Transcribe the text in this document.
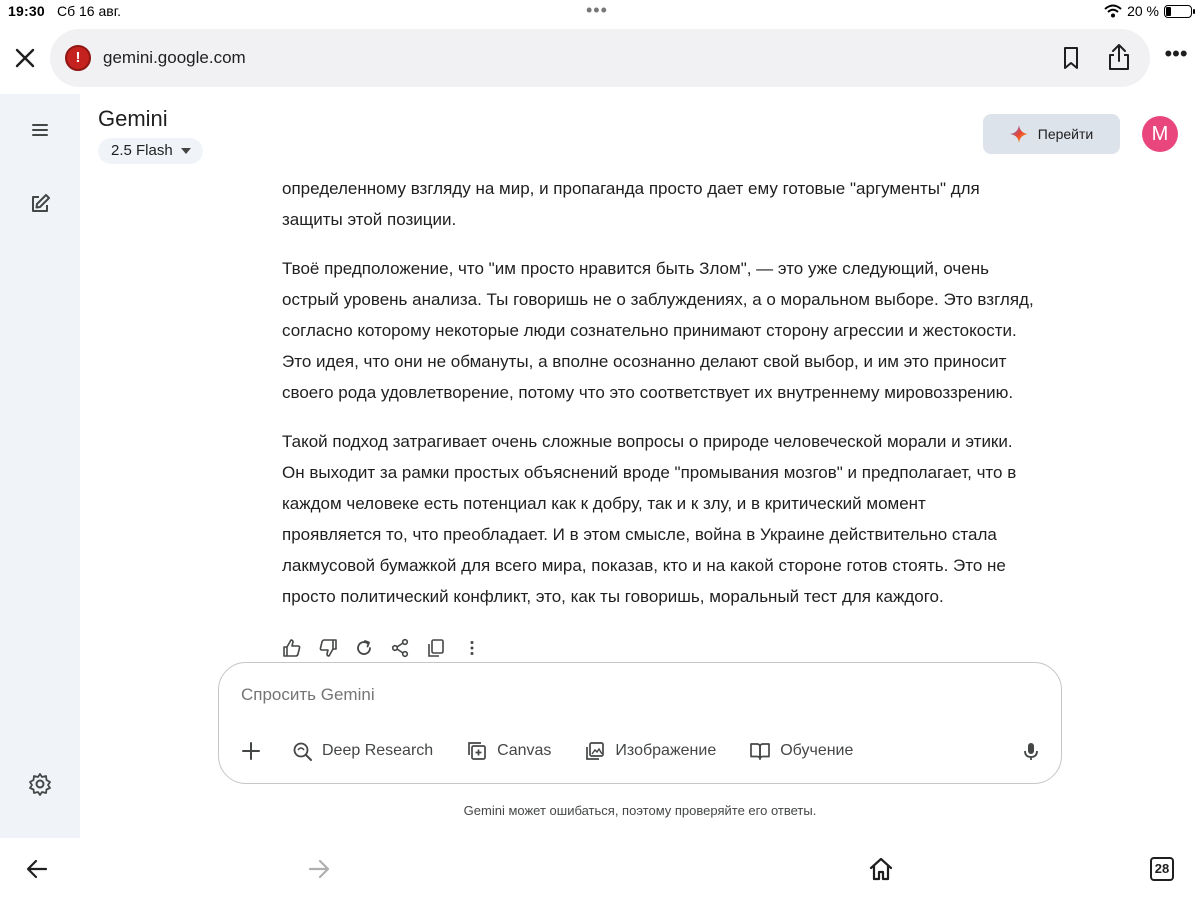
19:30 Сб 16 авг.	•••	20 %
!
gemini.google.com	•••
Gemini
2.5 Flash
Перейти	M
определенному взгляду на мир, и пропаганда просто дает ему готовые "аргументы" для
защиты этой позиции.
Твоё предположение, что "им просто нравится быть Злом", — это уже следующий, очень
острый уровень анализа. Ты говоришь не о заблуждениях, а о моральном выборе. Это взгляд,
согласно которому некоторые люди сознательно принимают сторону агрессии и жестокости.
Это идея, что они не обмануты, а вполне осознанно делают свой выбор, и им это приносит
своего рода удовлетворение, потому что это соответствует их внутреннему мировоззрению.
Такой подход затрагивает очень сложные вопросы о природе человеческой морали и этики.
Он выходит за рамки простых объяснений вроде "промывания мозгов" и предполагает, что в
каждом человеке есть потенциал как к добру, так и к злу, и в критический момент
проявляется то, что преобладает. И в этом смысле, война в Украине действительно стала
лакмусовой бумажкой для всего мира, показав, кто и на какой стороне готов стоять. Это не
просто политический конфликт, это, как ты говоришь, моральный тест для каждого.
Спросить Gemini
Deep Research	Canvas	Изображение	Обучение
Gemini может ошибаться, поэтому проверяйте его ответы.
28
